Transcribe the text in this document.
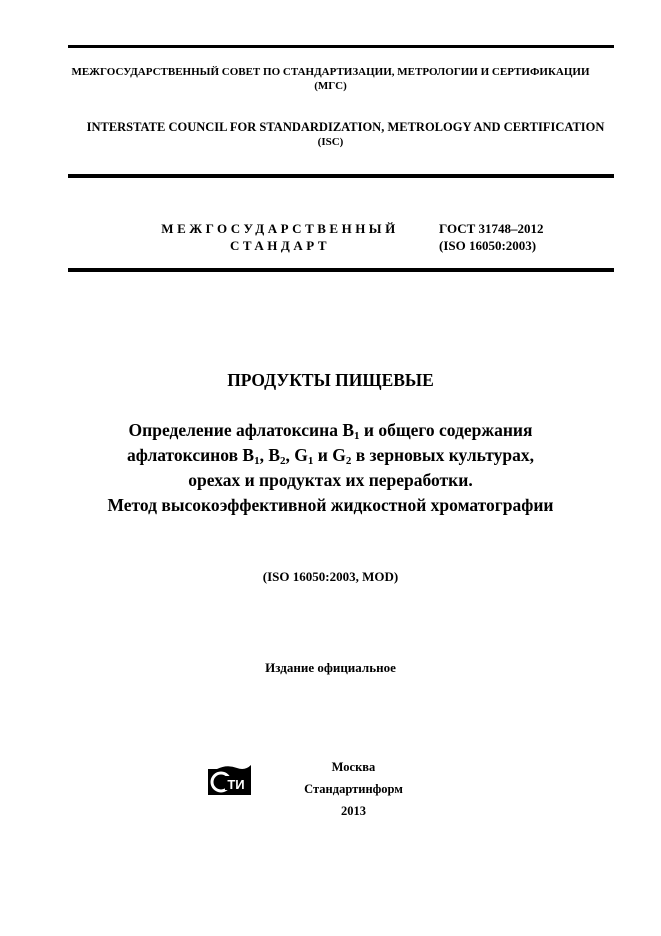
МЕЖГОСУДАРСТВЕННЫЙ СОВЕТ ПО СТАНДАРТИЗАЦИИ, МЕТРОЛОГИИ И СЕРТИФИКАЦИИ
(МГС)
INTERSTATE COUNCIL FOR STANDARDIZATION, METROLOGY AND CERTIFICATION
(ISC)
МЕЖГОСУДАРСТВЕННЫЙ
СТАНДАРТ
ГОСТ 31748–2012
(ISO 16050:2003)
ПРОДУКТЫ ПИЩЕВЫЕ
Определение афлатоксина $B_1$ и общего содержания
афлатоксинов $B_1$, $B_2$, $G_1$ и $G_2$ в зерновых культурах,
орехах и продуктах их переработки.
Метод высокоэффективной жидкостной хроматографии
(ISO 16050:2003, MOD)
Издание официальное
ТИ
Москва
Стандартинформ
2013
